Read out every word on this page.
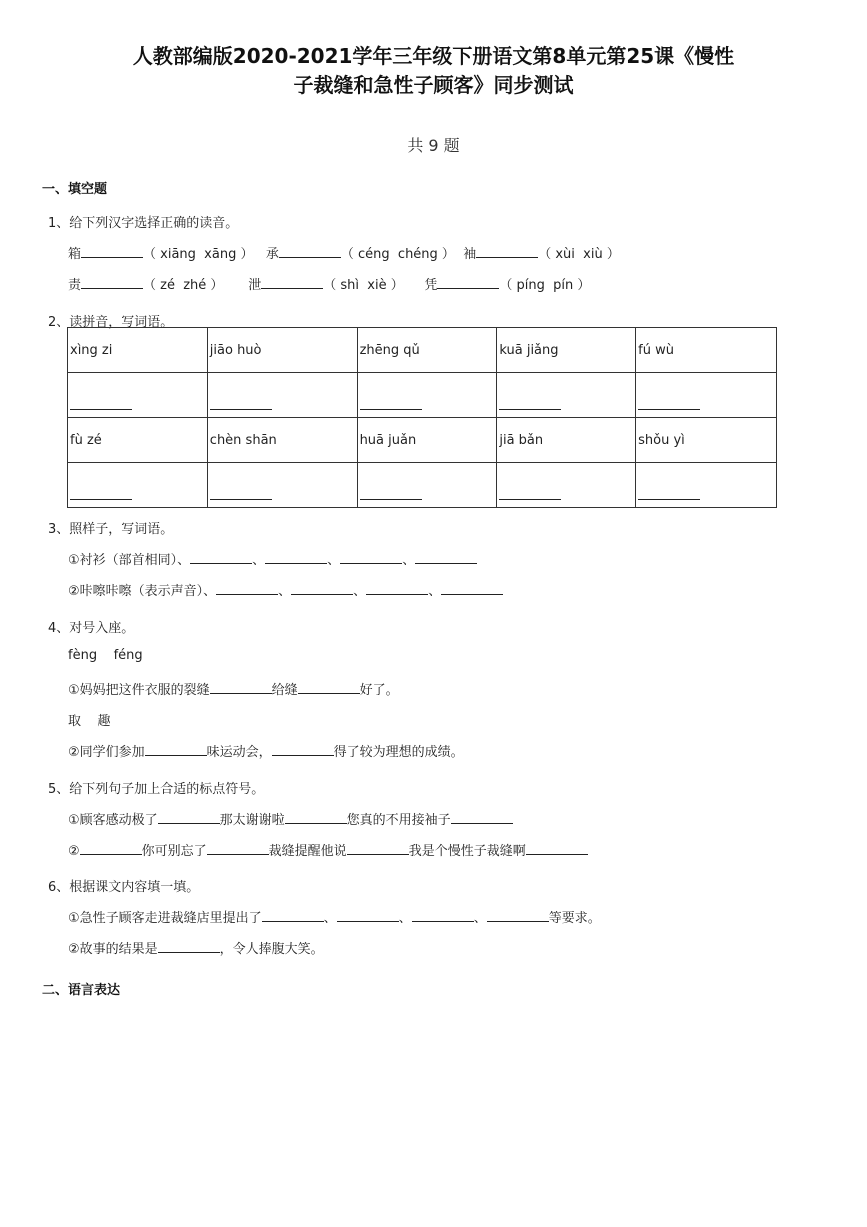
人教部编版2020-2021学年三年级下册语文第8单元第25课《慢性
子裁缝和急性子顾客》同步测试
共 9 题
一、填空题
1、给下列汉字选择正确的读音。
箱	（ xiāng  xāng ） 承	（ céng  chéng ） 袖	（ xùi  xiù ）
责	（ zé  zhé ） 泄	（ shì  xiè ） 凭	（ píng  pín ）
2、读拼音，写词语。
xìng zi	jiāo huò	zhēng qǔ	kuā jiǎng	fú wù

fù zé	chèn shān	huā juǎn	jiā bǎn	shǒu yì

3、照样子，写词语。
①衬衫（部首相同）、	、	、	、
②咔嚓咔嚓（表示声音）、	、	、	、
4、对号入座。
fèng    féng
①妈妈把这件衣服的裂缝	给缝	好了。
取    趣
②同学们参加	味运动会，	得了较为理想的成绩。
5、给下列句子加上合适的标点符号。
①顾客感动极了	那太谢谢啦	您真的不用接袖子
②	你可别忘了	裁缝提醒他说	我是个慢性子裁缝啊
6、根据课文内容填一填。
①急性子顾客走进裁缝店里提出了	、	、	、	等要求。
②故事的结果是	，令人捧腹大笑。
二、语言表达
